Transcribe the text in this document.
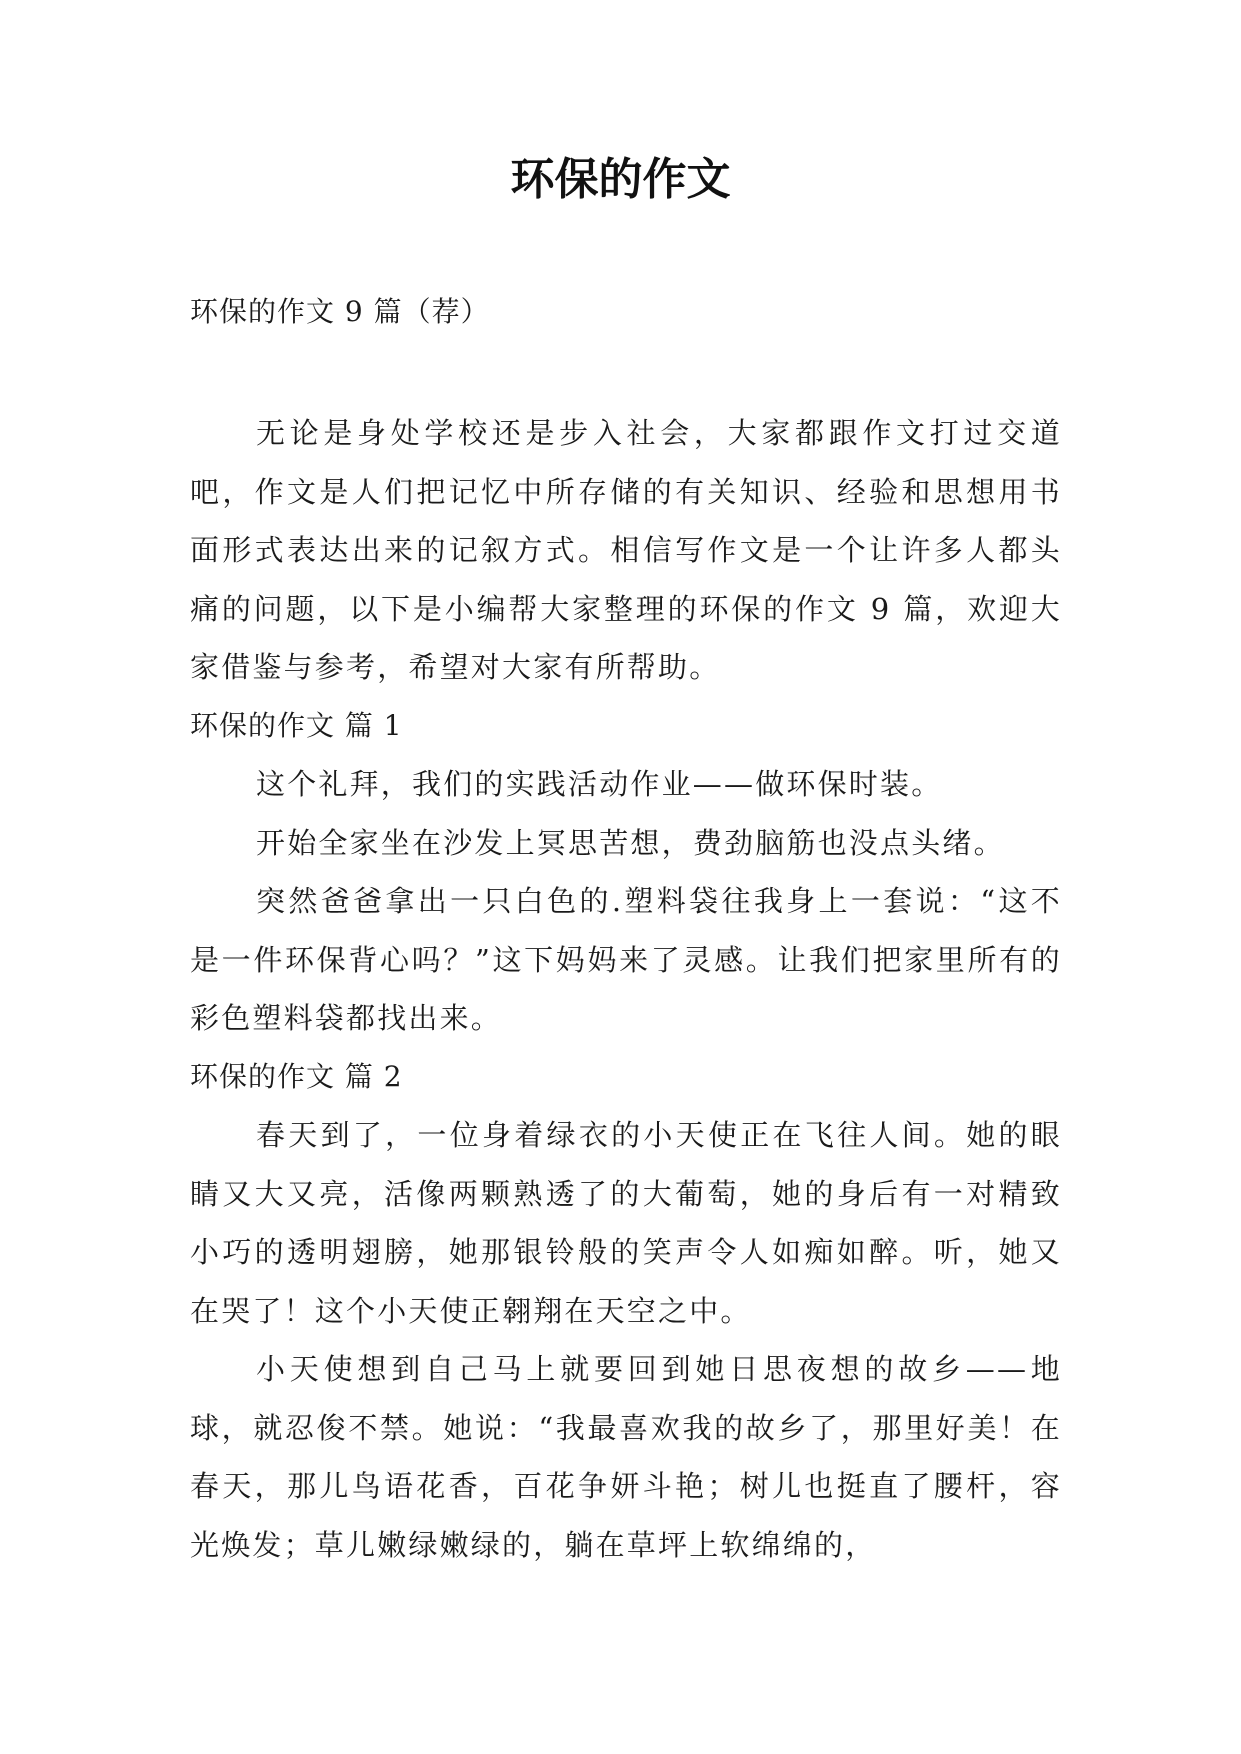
环保的作文

环保的作文 9 篇（荐）

无论是身处学校还是步入社会，大家都跟作文打过交道吧，作文是人们把记忆中所存储的有关知识、经验和思想用书面形式表达出来的记叙方式。相信写作文是一个让许多人都头痛的问题，以下是小编帮大家整理的环保的作文 9 篇，欢迎大家借鉴与参考，希望对大家有所帮助。

环保的作文 篇 1

这个礼拜，我们的实践活动作业——做环保时装。

开始全家坐在沙发上冥思苦想，费劲脑筋也没点头绪。

突然爸爸拿出一只白色的.塑料袋往我身上一套说：“这不是一件环保背心吗？”这下妈妈来了灵感。让我们把家里所有的彩色塑料袋都找出来。

环保的作文 篇 2

春天到了，一位身着绿衣的小天使正在飞往人间。她的眼睛又大又亮，活像两颗熟透了的大葡萄，她的身后有一对精致小巧的透明翅膀，她那银铃般的笑声令人如痴如醉。听，她又在哭了！这个小天使正翱翔在天空之中。

小天使想到自己马上就要回到她日思夜想的故乡——地球，就忍俊不禁。她说：“我最喜欢我的故乡了，那里好美！在春天，那儿鸟语花香，百花争妍斗艳；树儿也挺直了腰杆，容光焕发；草儿嫩绿嫩绿的，躺在草坪上软绵绵的，
